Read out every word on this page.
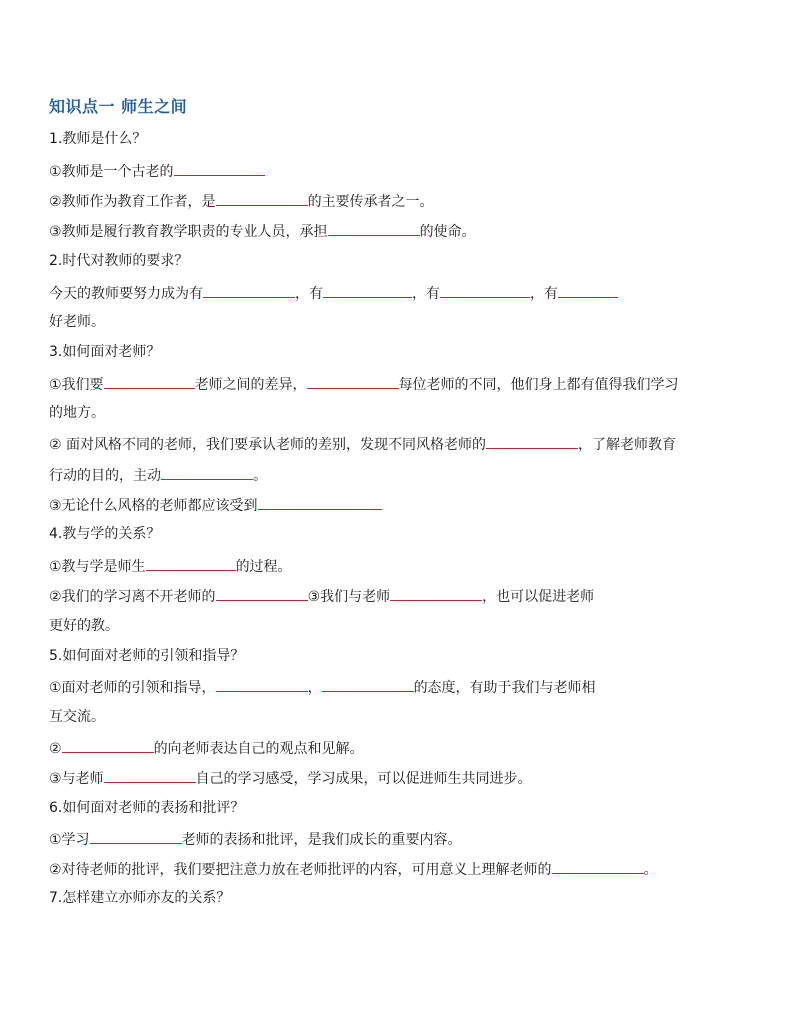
知识点一 师生之间
1.教师是什么？
①教师是一个古老的
②教师作为教育工作者，是	的主要传承者之一。
③教师是履行教育教学职责的专业人员，承担	的使命。
2.时代对教师的要求？
今天的教师要努力成为有	，有	，有	，有
好老师。
3.如何面对老师？
①我们要	老师之间的差异，	每位老师的不同，他们身上都有值得我们学习
的地方。
② 面对风格不同的老师，我们要承认老师的差别，发现不同风格老师的	，了解老师教育
行动的目的，主动	。
③无论什么风格的老师都应该受到
4.教与学的关系？
①教与学是师生	的过程。
②我们的学习离不开老师的	③我们与老师	，也可以促进老师
更好的教。
5.如何面对老师的引领和指导？
①面对老师的引领和指导，	，	的态度，有助于我们与老师相
互交流。
②	的向老师表达自己的观点和见解。
③与老师	自己的学习感受，学习成果，可以促进师生共同进步。
6.如何面对老师的表扬和批评？
①学习	老师的表扬和批评，是我们成长的重要内容。
②对待老师的批评，我们要把注意力放在老师批评的内容，可用意义上理解老师的	。
7.怎样建立亦师亦友的关系？
